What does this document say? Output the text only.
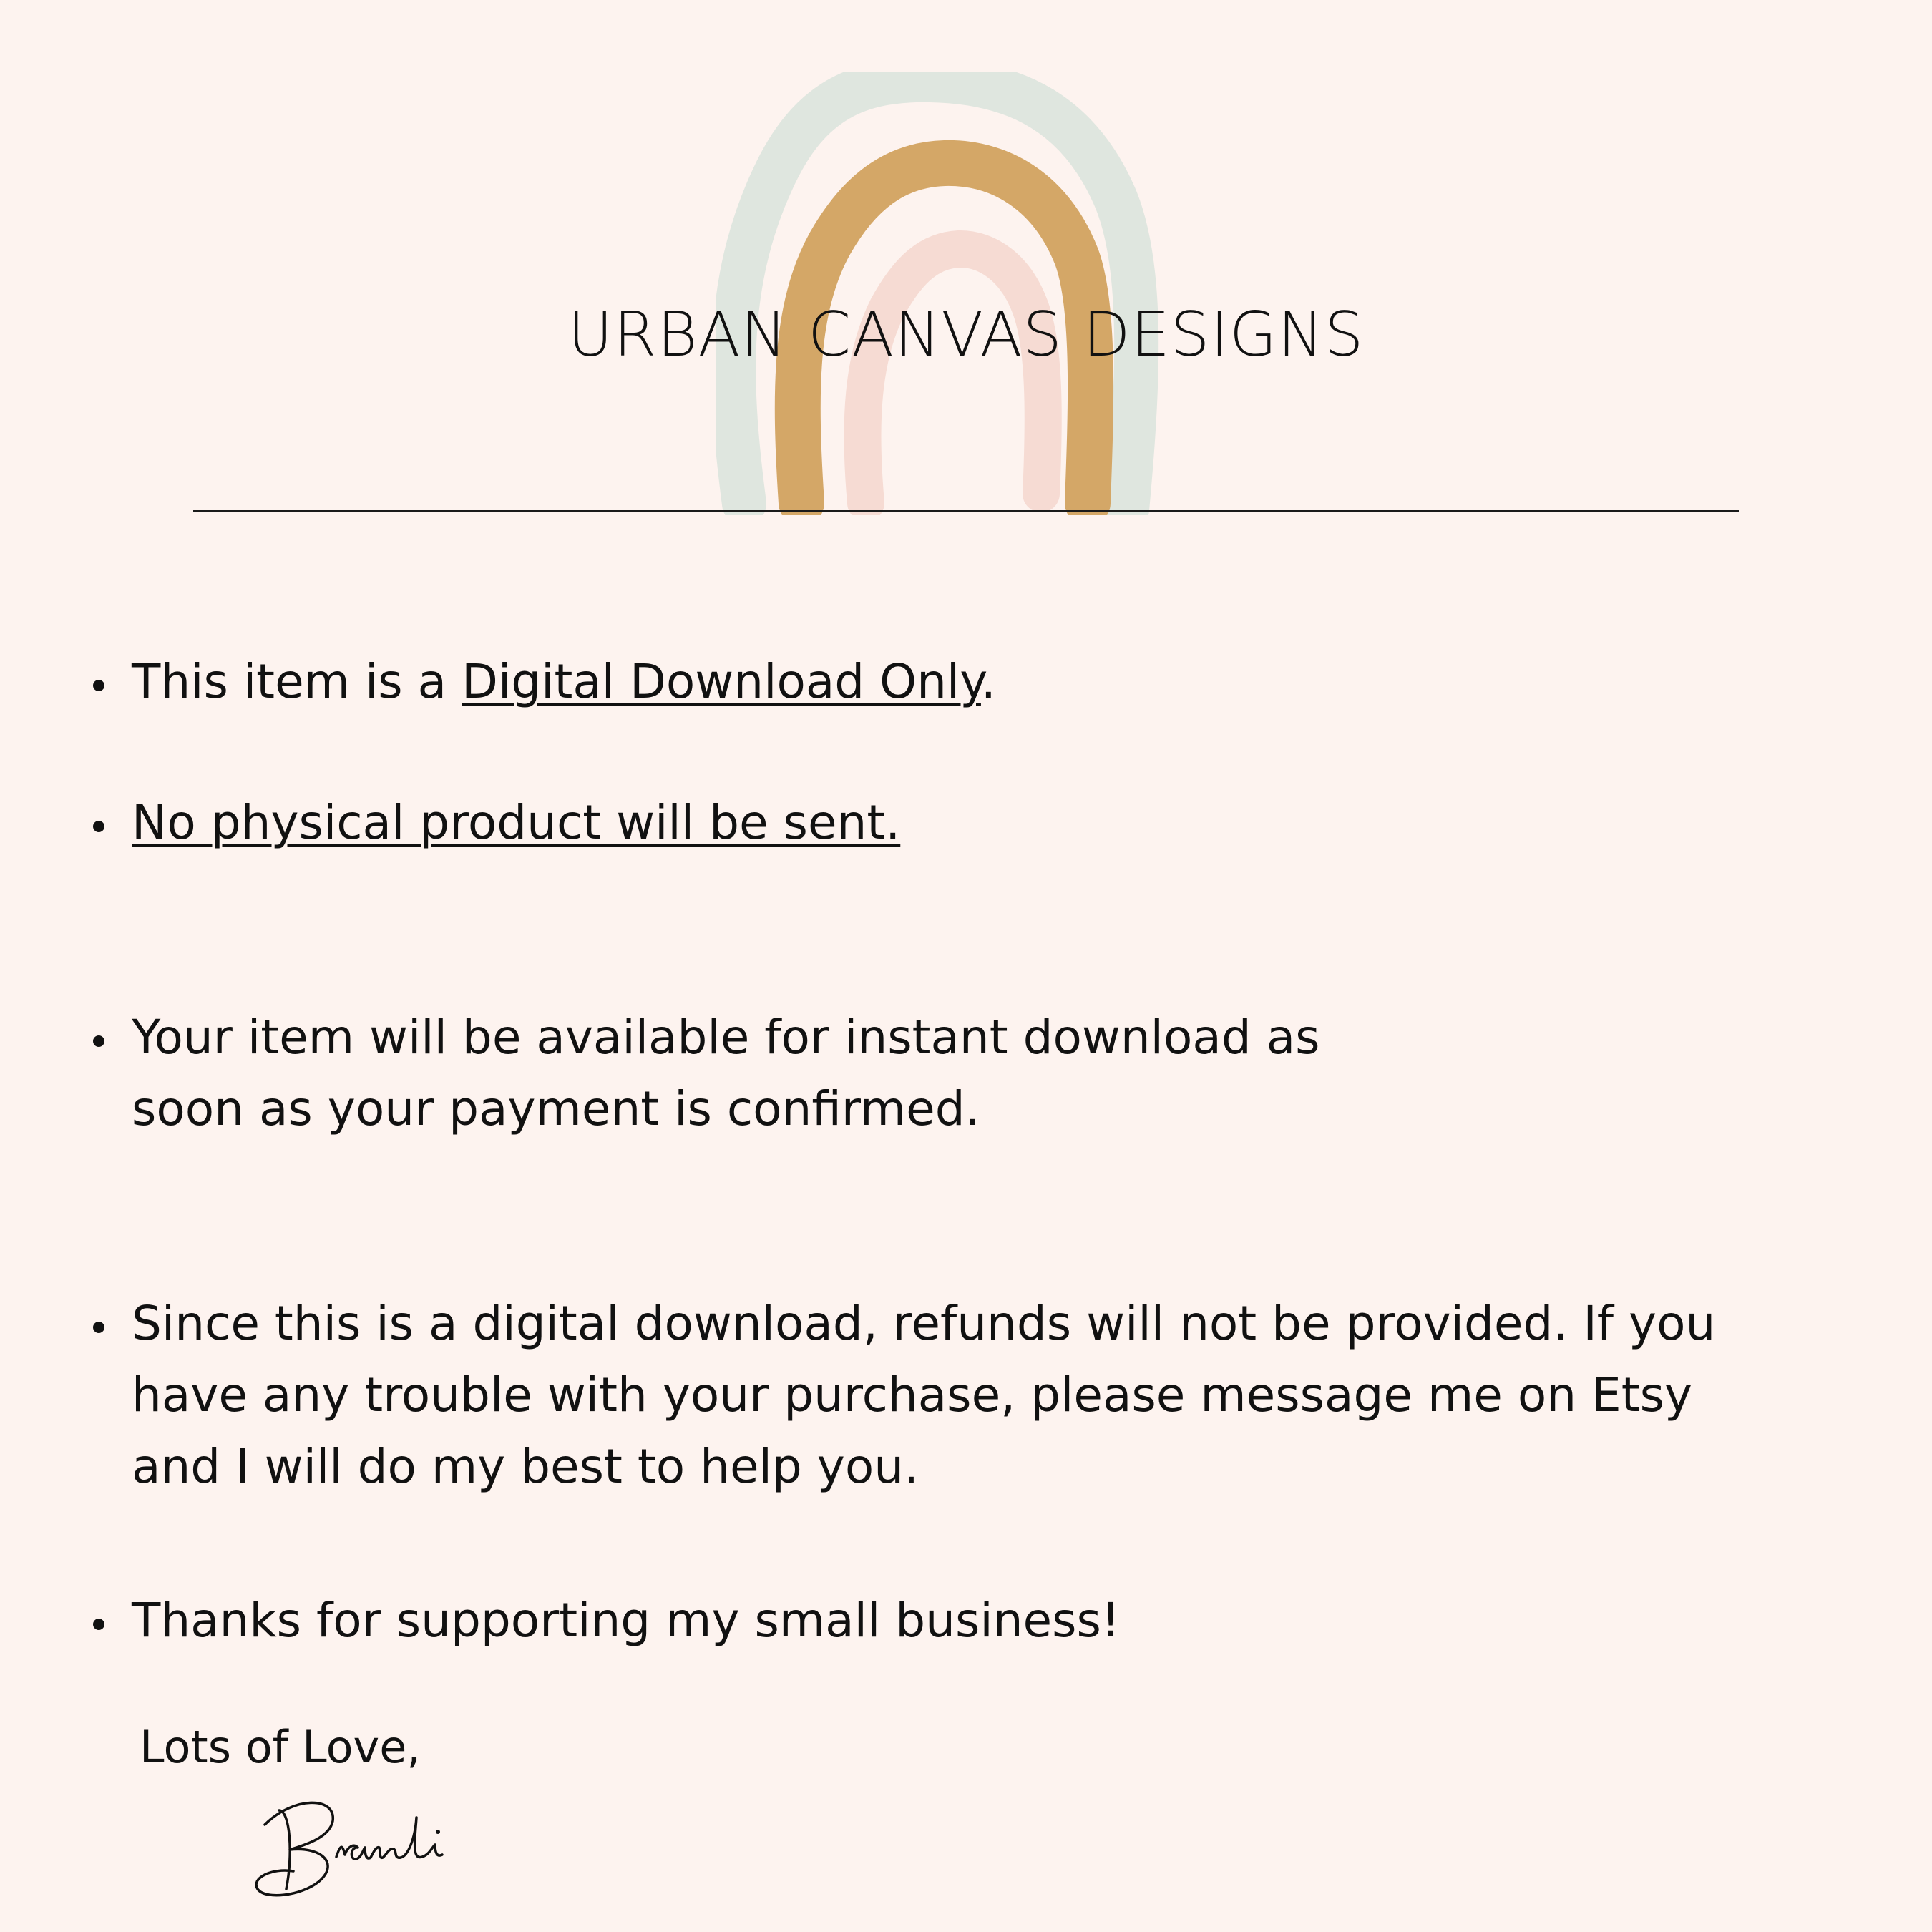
URBAN CANVAS DESIGNS
This item is a Digital Download Only.
No physical product will be sent.
Your item will be available for instant download as
soon as your payment is confirmed.
Since this is a digital download, refunds will not be provided. If you
have any trouble with your purchase, please message me on Etsy
and I will do my best to help you.
Thanks for supporting my small business!
Lots of Love,
